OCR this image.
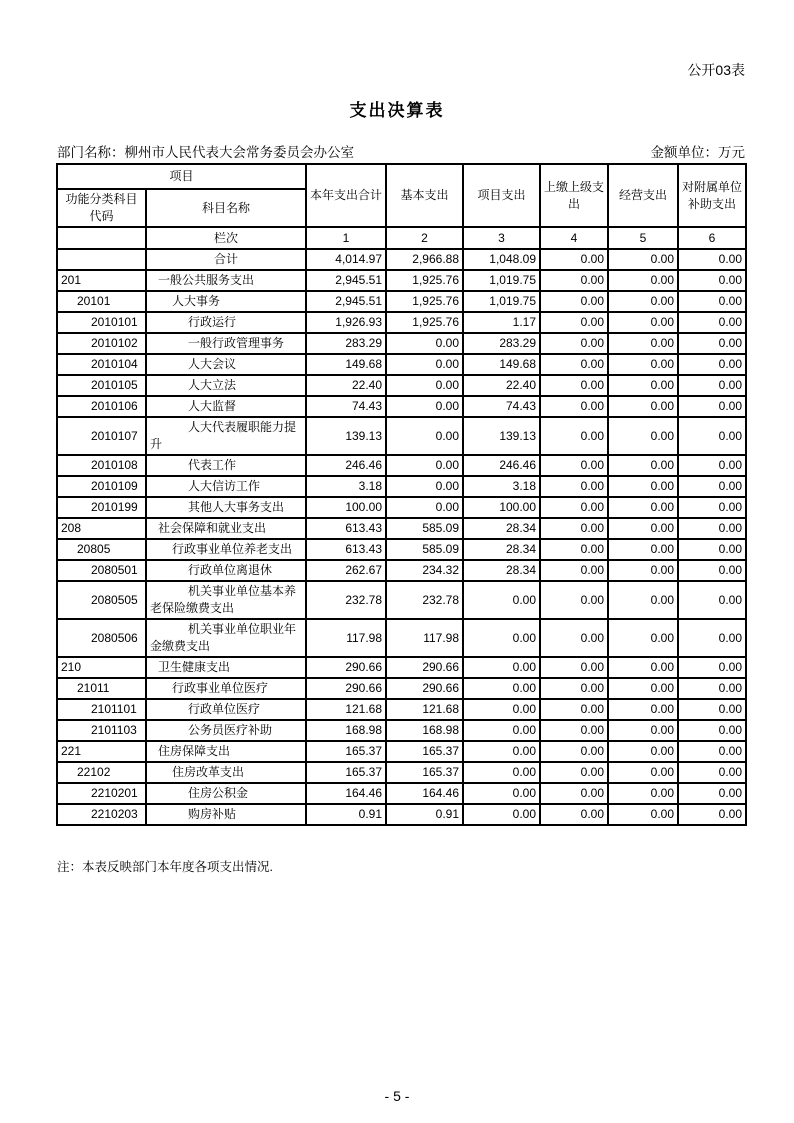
公开03表
支出决算表
部门名称：柳州市人民代表大会常务委员会办公室	金额单位：万元
项目		本年支出合计	基本支出	项目支出	上缴上级支出	经营支出	对附属单位补助支出
功能分类科目代码	科目名称						
	栏次	1	2	3	4	5	6
	合计	4,014.97	2,966.88	1,048.09	0.00	0.00	0.00
201	一般公共服务支出	2,945.51	1,925.76	1,019.75	0.00	0.00	0.00
20101	人大事务	2,945.51	1,925.76	1,019.75	0.00	0.00	0.00
2010101	行政运行	1,926.93	1,925.76	1.17	0.00	0.00	0.00
2010102	一般行政管理事务	283.29	0.00	283.29	0.00	0.00	0.00
2010104	人大会议	149.68	0.00	149.68	0.00	0.00	0.00
2010105	人大立法	22.40	0.00	22.40	0.00	0.00	0.00
2010106	人大监督	74.43	0.00	74.43	0.00	0.00	0.00
2010107	人大代表履职能力提升	139.13	0.00	139.13	0.00	0.00	0.00
2010108	代表工作	246.46	0.00	246.46	0.00	0.00	0.00
2010109	人大信访工作	3.18	0.00	3.18	0.00	0.00	0.00
2010199	其他人大事务支出	100.00	0.00	100.00	0.00	0.00	0.00
208	社会保障和就业支出	613.43	585.09	28.34	0.00	0.00	0.00
20805	行政事业单位养老支出	613.43	585.09	28.34	0.00	0.00	0.00
2080501	行政单位离退休	262.67	234.32	28.34	0.00	0.00	0.00
2080505	机关事业单位基本养老保险缴费支出	232.78	232.78	0.00	0.00	0.00	0.00
2080506	机关事业单位职业年金缴费支出	117.98	117.98	0.00	0.00	0.00	0.00
210	卫生健康支出	290.66	290.66	0.00	0.00	0.00	0.00
21011	行政事业单位医疗	290.66	290.66	0.00	0.00	0.00	0.00
2101101	行政单位医疗	121.68	121.68	0.00	0.00	0.00	0.00
2101103	公务员医疗补助	168.98	168.98	0.00	0.00	0.00	0.00
221	住房保障支出	165.37	165.37	0.00	0.00	0.00	0.00
22102	住房改革支出	165.37	165.37	0.00	0.00	0.00	0.00
2210201	住房公积金	164.46	164.46	0.00	0.00	0.00	0.00
2210203	购房补贴	0.91	0.91	0.00	0.00	0.00	0.00
注：本表反映部门本年度各项支出情况.
- 5 -
